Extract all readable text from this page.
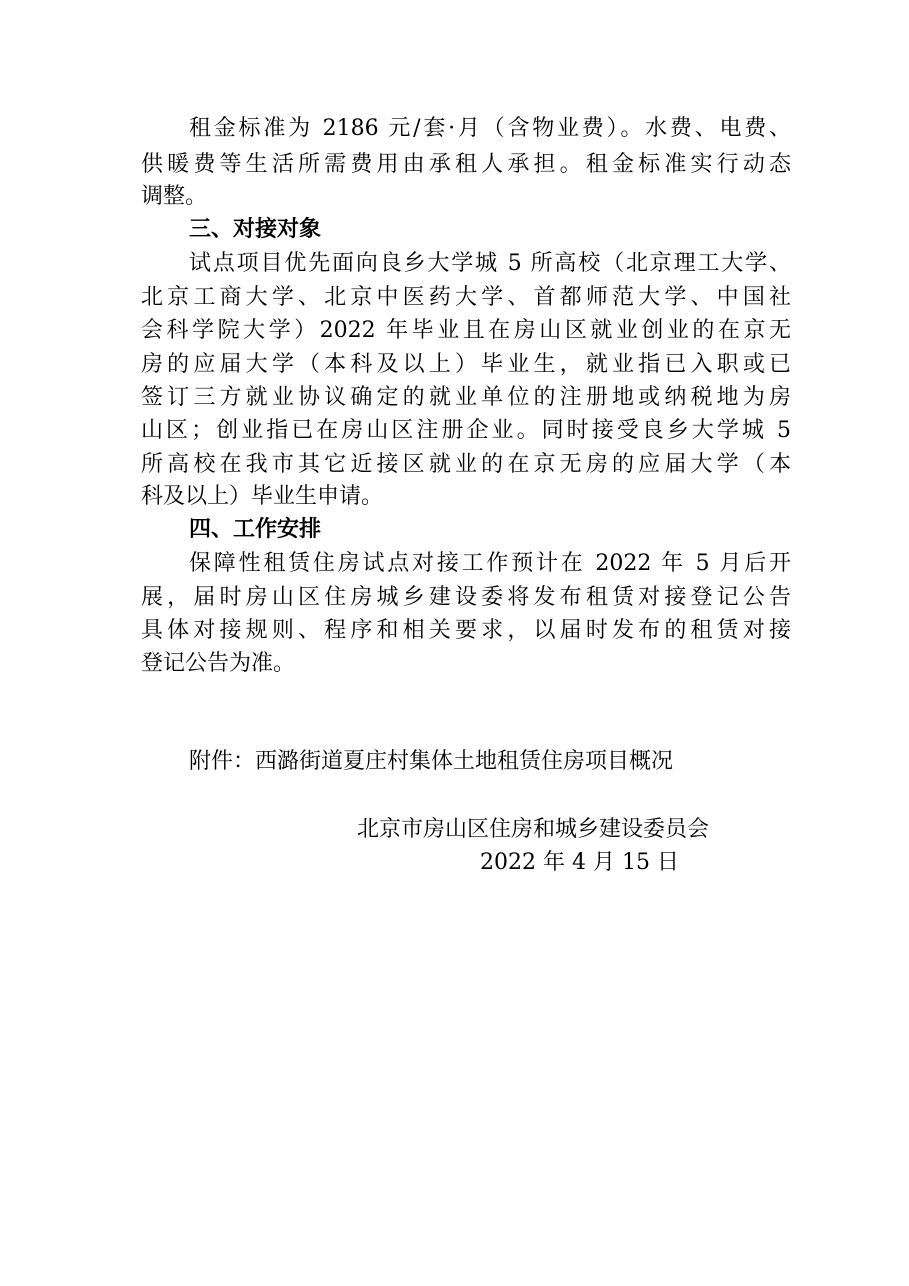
租金标准为 2186 元/套·月（含物业费）。水费、电费、
供暖费等生活所需费用由承租人承担。租金标准实行动态
调整。
三、对接对象
试点项目优先面向良乡大学城 5 所高校（北京理工大学、
北京工商大学、北京中医药大学、首都师范大学、中国社
会科学院大学）2022 年毕业且在房山区就业创业的在京无
房的应届大学（本科及以上）毕业生，就业指已入职或已
签订三方就业协议确定的就业单位的注册地或纳税地为房
山区；创业指已在房山区注册企业。同时接受良乡大学城 5
所高校在我市其它近接区就业的在京无房的应届大学（本
科及以上）毕业生申请。
四、工作安排
保障性租赁住房试点对接工作预计在 2022 年 5 月后开
展，届时房山区住房城乡建设委将发布租赁对接登记公告
具体对接规则、程序和相关要求，以届时发布的租赁对接
登记公告为准。
附件：西潞街道夏庄村集体土地租赁住房项目概况
北京市房山区住房和城乡建设委员会
2022 年 4 月 15 日
